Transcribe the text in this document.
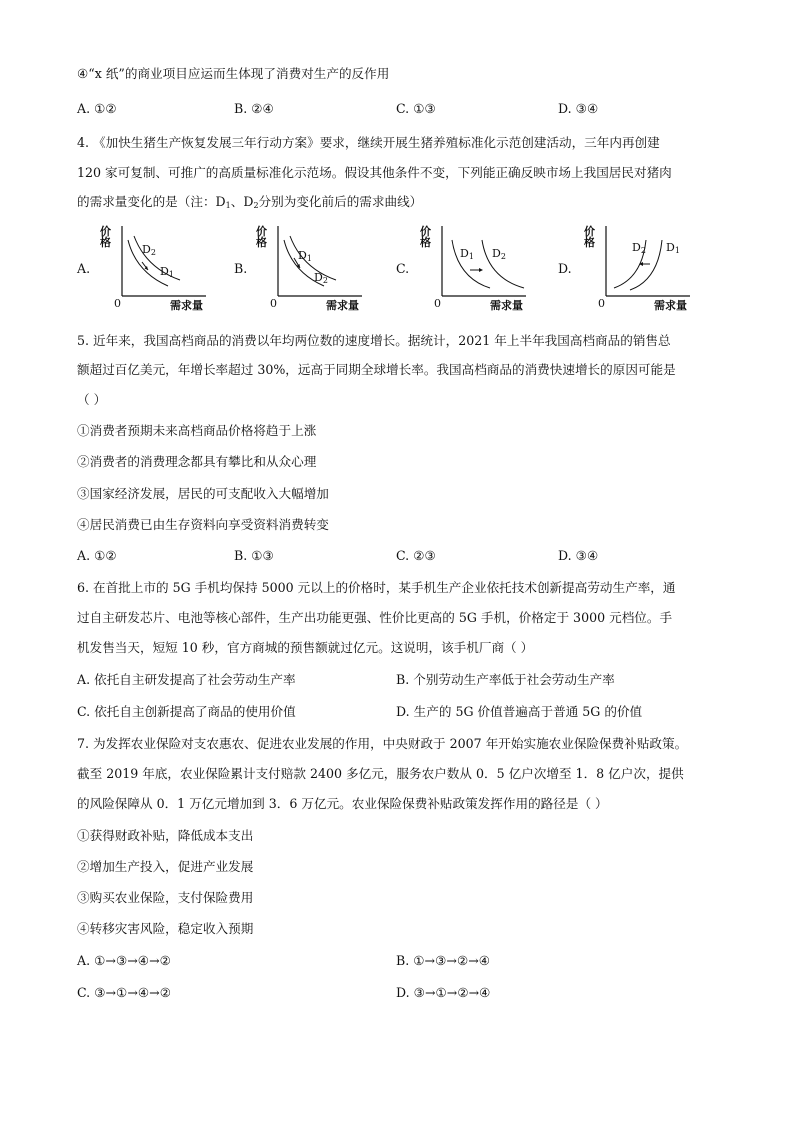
④“x 纸”的商业项目应运而生体现了消费对生产的反作用
A. ①②	B. ②④	C. ①③	D. ③④
4. 《加快生猪生产恢复发展三年行动方案》要求，继续开展生猪养殖标准化示范创建活动，三年内再创建
120 家可复制、可推广的高质量标准化示范场。假设其他条件不变，下列能正确反映市场上我国居民对猪肉
的需求量变化的是（注：$D_1$、$D_2$分别为变化前后的需求曲线）
A.	B.	C.	D.
价格
$D_2$
$D_1$
0	需求量
价格
$D_1$
$D_2$
0	需求量
价格
$D_1$ $D_2$
0	需求量
价格	$D_2$ $D_1$
0	需求量
5. 近年来，我国高档商品的消费以年均两位数的速度增长。据统计，2021 年上半年我国高档商品的销售总
额超过百亿美元，年增长率超过 30%，远高于同期全球增长率。我国高档商品的消费快速增长的原因可能是
（ ）
①消费者预期未来高档商品价格将趋于上涨
②消费者的消费理念都具有攀比和从众心理
③国家经济发展，居民的可支配收入大幅增加
④居民消费已由生存资料向享受资料消费转变
A. ①②	B. ①③	C. ②③	D. ③④
6. 在首批上市的 5G 手机均保持 5000 元以上的价格时，某手机生产企业依托技术创新提高劳动生产率，通
过自主研发芯片、电池等核心部件，生产出功能更强、性价比更高的 5G 手机，价格定于 3000 元档位。手
机发售当天，短短 10 秒，官方商城的预售额就过亿元。这说明，该手机厂商（ ）
A. 依托自主研发提高了社会劳动生产率	B. 个别劳动生产率低于社会劳动生产率
C. 依托自主创新提高了商品的使用价值	D. 生产的 5G 价值普遍高于普通 5G 的价值
7. 为发挥农业保险对支农惠农、促进农业发展的作用，中央财政于 2007 年开始实施农业保险保费补贴政策。
截至 2019 年底，农业保险累计支付赔款 2400 多亿元，服务农户数从 0．5 亿户次增至 1．8 亿户次，提供
的风险保障从 0．1 万亿元增加到 3．6 万亿元。农业保险保费补贴政策发挥作用的路径是（ ）
①获得财政补贴，降低成本支出
②增加生产投入，促进产业发展
③购买农业保险，支付保险费用
④转移灾害风险，稳定收入预期
A. ①→③→④→②	B. ①→③→②→④
C. ③→①→④→②	D. ③→①→②→④
